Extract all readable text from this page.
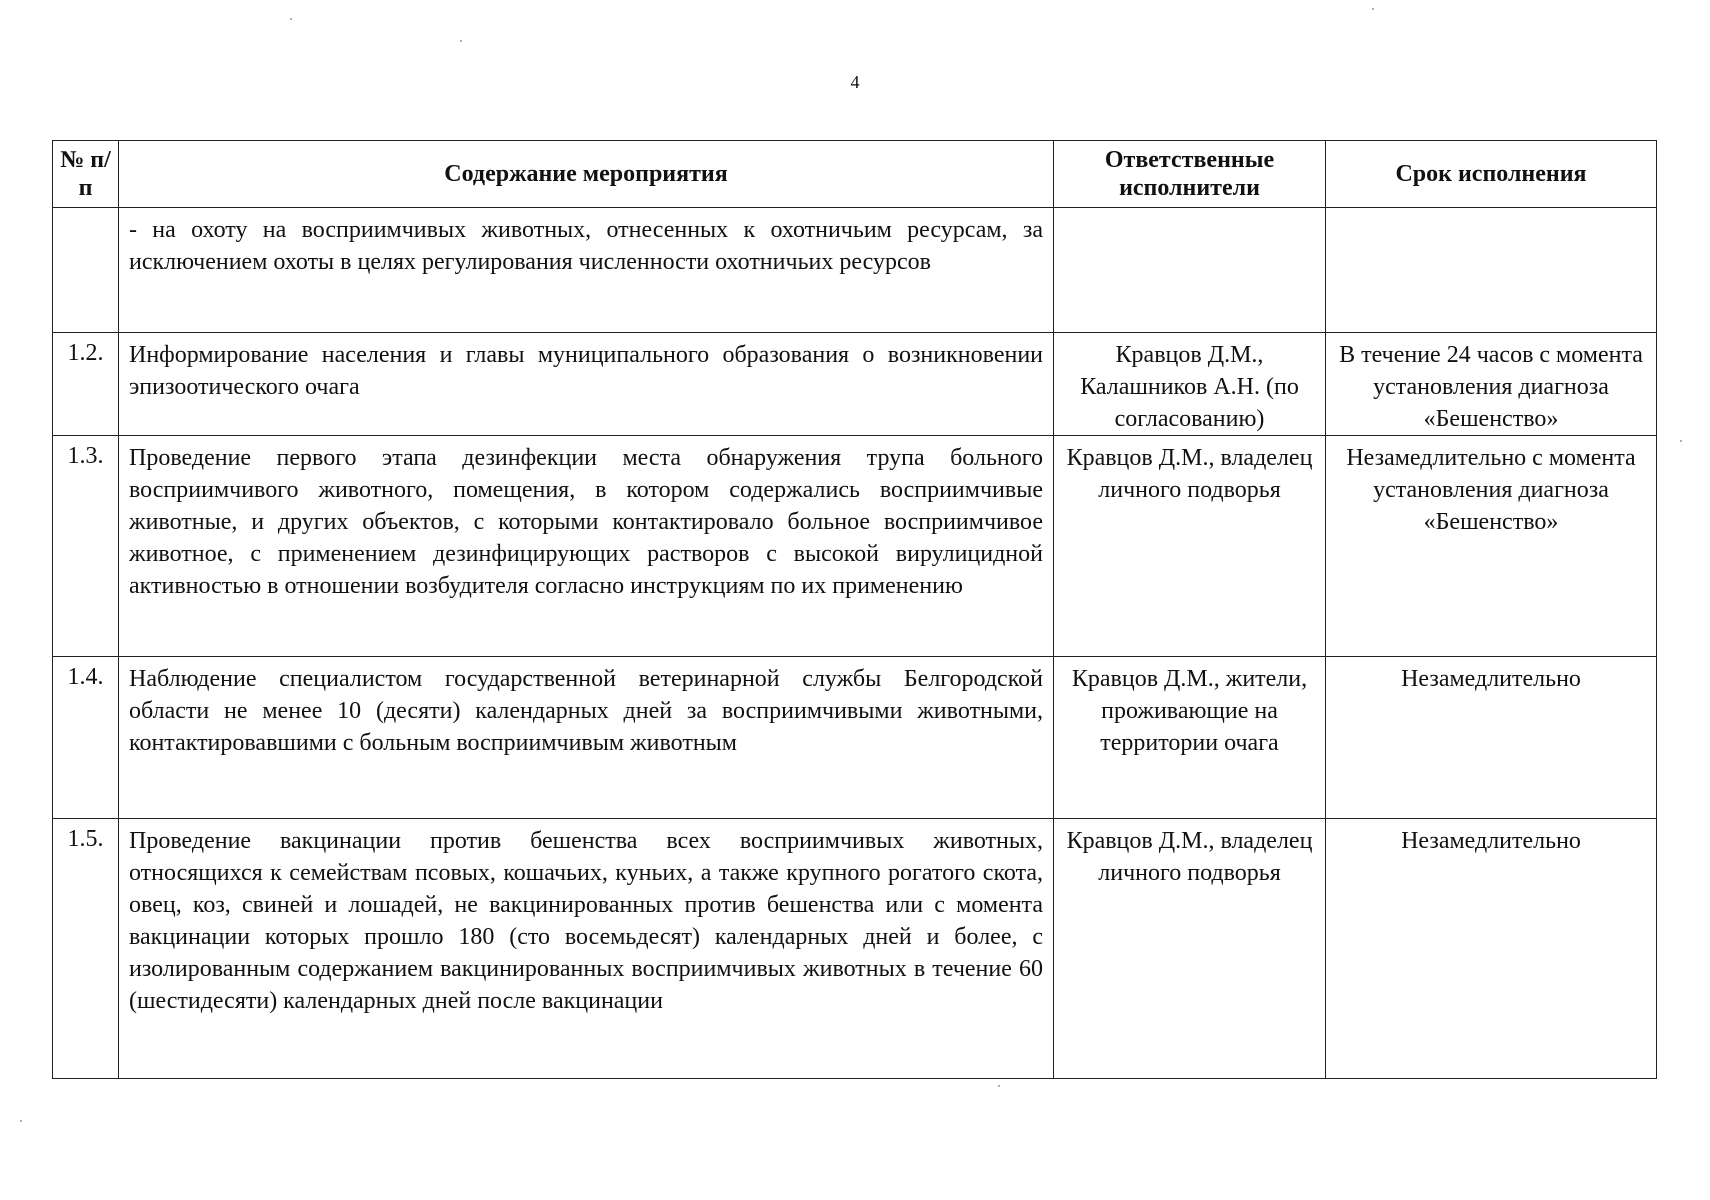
4
№ п/п	Содержание мероприятия	Ответственные исполнители	Срок исполнения
	- на охоту на восприимчивых животных, отнесенных к охотничьим ресурсам, за исключением охоты в целях регулирования численности охотничьих ресурсов		
1.2.	Информирование населения и главы муниципального образования о возникновении эпизоотического очага	Кравцов Д.М., Калашников А.Н. (по согласованию)	В течение 24 часов с момента установления диагноза «Бешенство»
1.3.	Проведение первого этапа дезинфекции места обнаружения трупа больного восприимчивого животного, помещения, в котором содержались восприимчивые животные, и других объектов, с которыми контактировало больное восприимчивое животное, с применением дезинфицирующих растворов с высокой вирулицидной активностью в отношении возбудителя согласно инструкциям по их применению	Кравцов Д.М., владелец личного подворья	Незамедлительно с момента установления диагноза «Бешенство»
1.4.	Наблюдение специалистом государственной ветеринарной службы Белгородской области не менее 10 (десяти) календарных дней за восприимчивыми животными, контактировавшими с больным восприимчивым животным	Кравцов Д.М., жители, проживающие на территории очага	Незамедлительно
1.5.	Проведение вакцинации против бешенства всех восприимчивых животных, относящихся к семействам псовых, кошачьих, куньих, а также крупного рогатого скота, овец, коз, свиней и лошадей, не вакцинированных против бешенства или с момента вакцинации которых прошло 180 (сто восемьдесят) календарных дней и более, с изолированным содержанием вакцинированных восприимчивых животных в течение 60 (шестидесяти) календарных дней после вакцинации	Кравцов Д.М., владелец личного подворья	Незамедлительно
